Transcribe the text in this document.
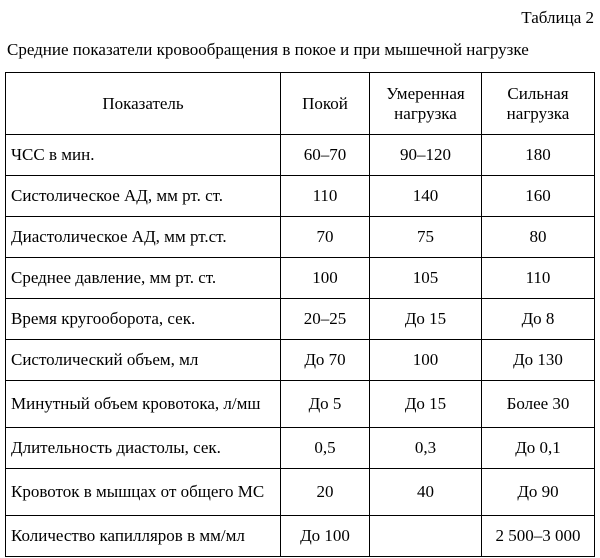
Таблица 2
Средние показатели кровообращения в покое и при мышечной нагрузке
Показатель	Покой	Умеренная нагрузка	Сильная нагрузка
ЧСС в мин.	60–70	90–120	180
Систолическое АД, мм рт. ст.	110	140	160
Диастолическое АД, мм рт.ст.	70	75	80
Среднее давление, мм рт. ст.	100	105	110
Время кругооборота, сек.	20–25	До 15	До 8
Систолический объем, мл	До 70	100	До 130
Минутный объем кровотока, л/мш	До 5	До 15	Более 30
Длительность диастолы, сек.	0,5	0,3	До 0,1
Кровоток в мышцах от общего МС	20	40	До 90
Количество капилляров в мм/мл	До 100		2 500–3 000
